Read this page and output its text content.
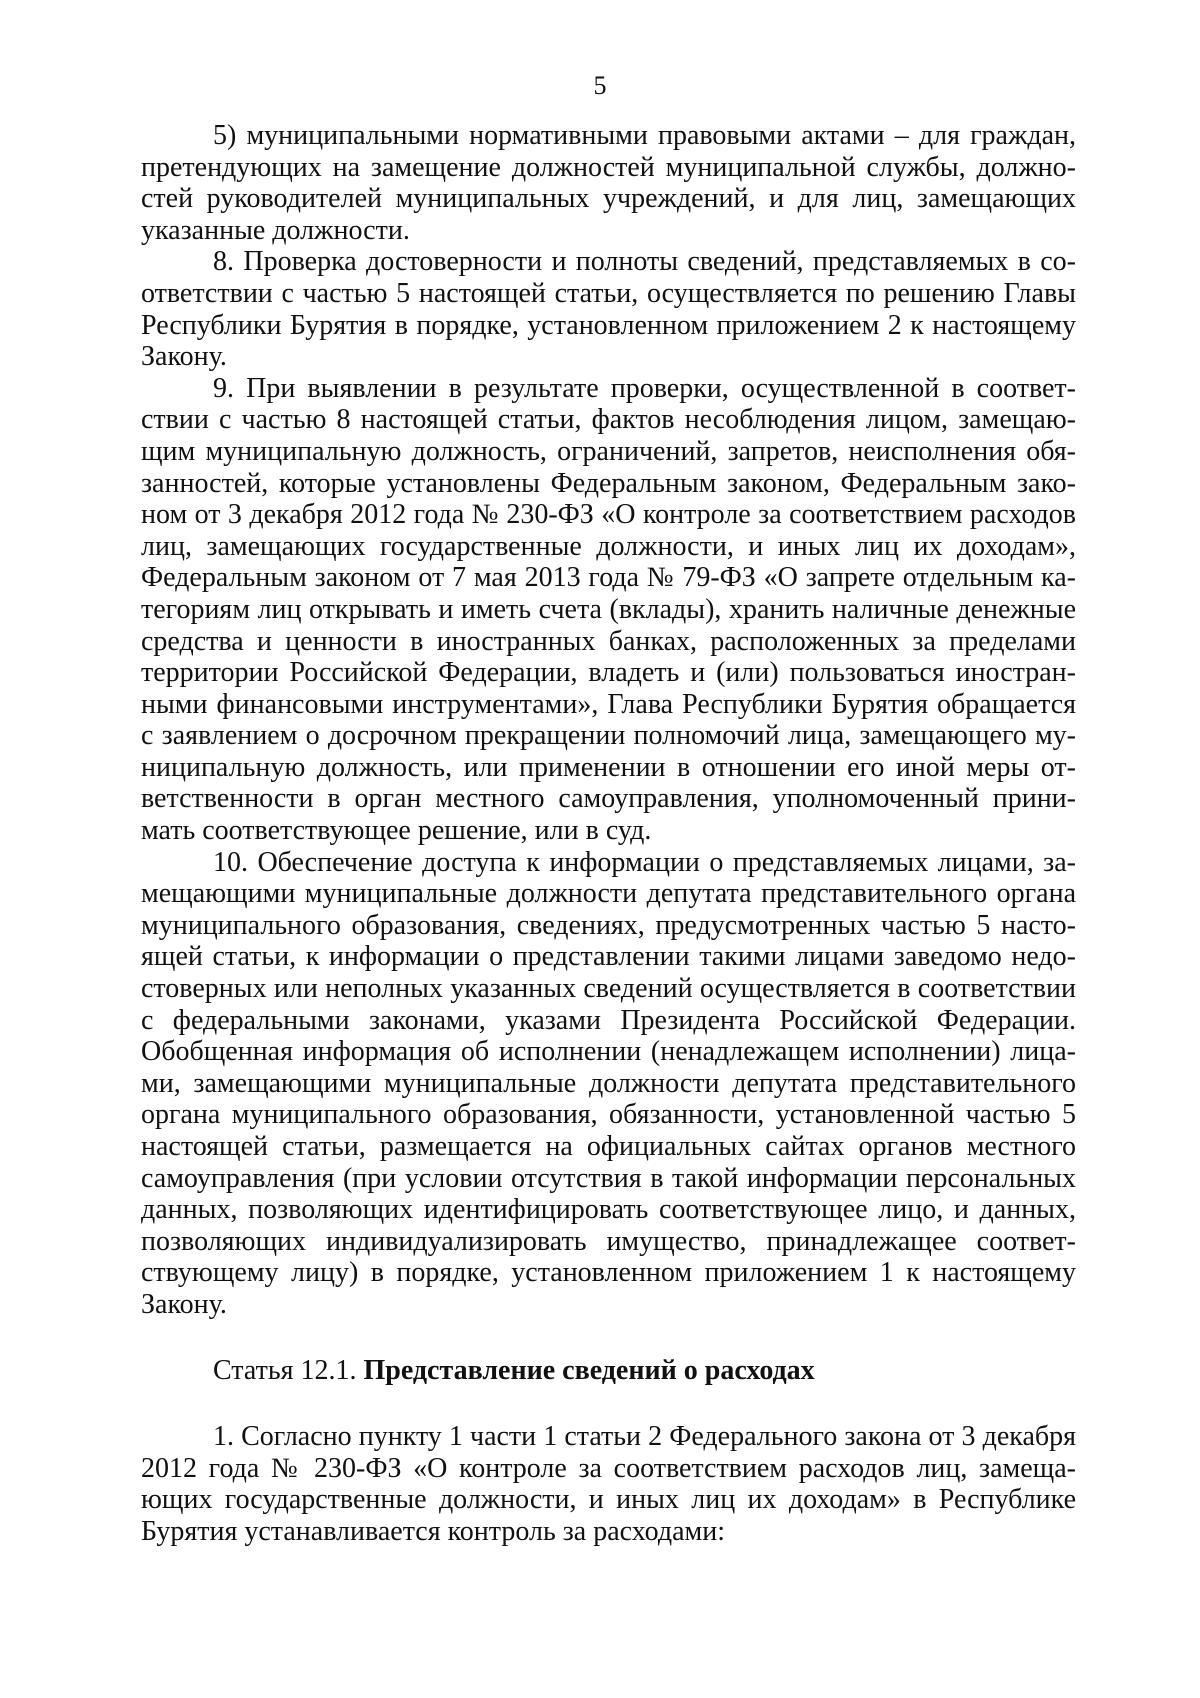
5

5) муниципальными нормативными правовыми актами – для граждан, претендующих на замещение должностей муниципальной службы, должностей руководителей муниципальных учреждений, и для лиц, замещающих указанные должности.

8. Проверка достоверности и полноты сведений, представляемых в соответствии с частью 5 настоящей статьи, осуществляется по решению Главы Республики Бурятия в порядке, установленном приложением 2 к настоящему Закону.

9. При выявлении в результате проверки, осуществленной в соответствии с частью 8 настоящей статьи, фактов несоблюдения лицом, замещающим муниципальную должность, ограничений, запретов, неисполнения обязанностей, которые установлены Федеральным законом, Федеральным законом от 3 декабря 2012 года № 230-ФЗ «О контроле за соответствием расходов лиц, замещающих государственные должности, и иных лиц их доходам», Федеральным законом от 7 мая 2013 года № 79-ФЗ «О запрете отдельным категориям лиц открывать и иметь счета (вклады), хранить наличные денежные средства и ценности в иностранных банках, расположенных за пределами территории Российской Федерации, владеть и (или) пользоваться иностранными финансовыми инструментами», Глава Республики Бурятия обращается с заявлением о досрочном прекращении полномочий лица, замещающего муниципальную должность, или применении в отношении его иной меры ответственности в орган местного самоуправления, уполномоченный принимать соответствующее решение, или в суд.

10. Обеспечение доступа к информации о представляемых лицами, замещающими муниципальные должности депутата представительного органа муниципального образования, сведениях, предусмотренных частью 5 настоящей статьи, к информации о представлении такими лицами заведомо недостоверных или неполных указанных сведений осуществляется в соответствии с федеральными законами, указами Президента Российской Федерации. Обобщенная информация об исполнении (ненадлежащем исполнении) лицами, замещающими муниципальные должности депутата представительного органа муниципального образования, обязанности, установленной частью 5 настоящей статьи, размещается на официальных сайтах органов местного самоуправления (при условии отсутствия в такой информации персональных данных, позволяющих идентифицировать соответствующее лицо, и данных, позволяющих индивидуализировать имущество, принадлежащее соответствующему лицу) в порядке, установленном приложением 1 к настоящему Закону.

Статья 12.1. Представление сведений о расходах

1. Согласно пункту 1 части 1 статьи 2 Федерального закона от 3 декабря 2012 года № 230-ФЗ «О контроле за соответствием расходов лиц, замещающих государственные должности, и иных лиц их доходам» в Республике Бурятия устанавливается контроль за расходами:
